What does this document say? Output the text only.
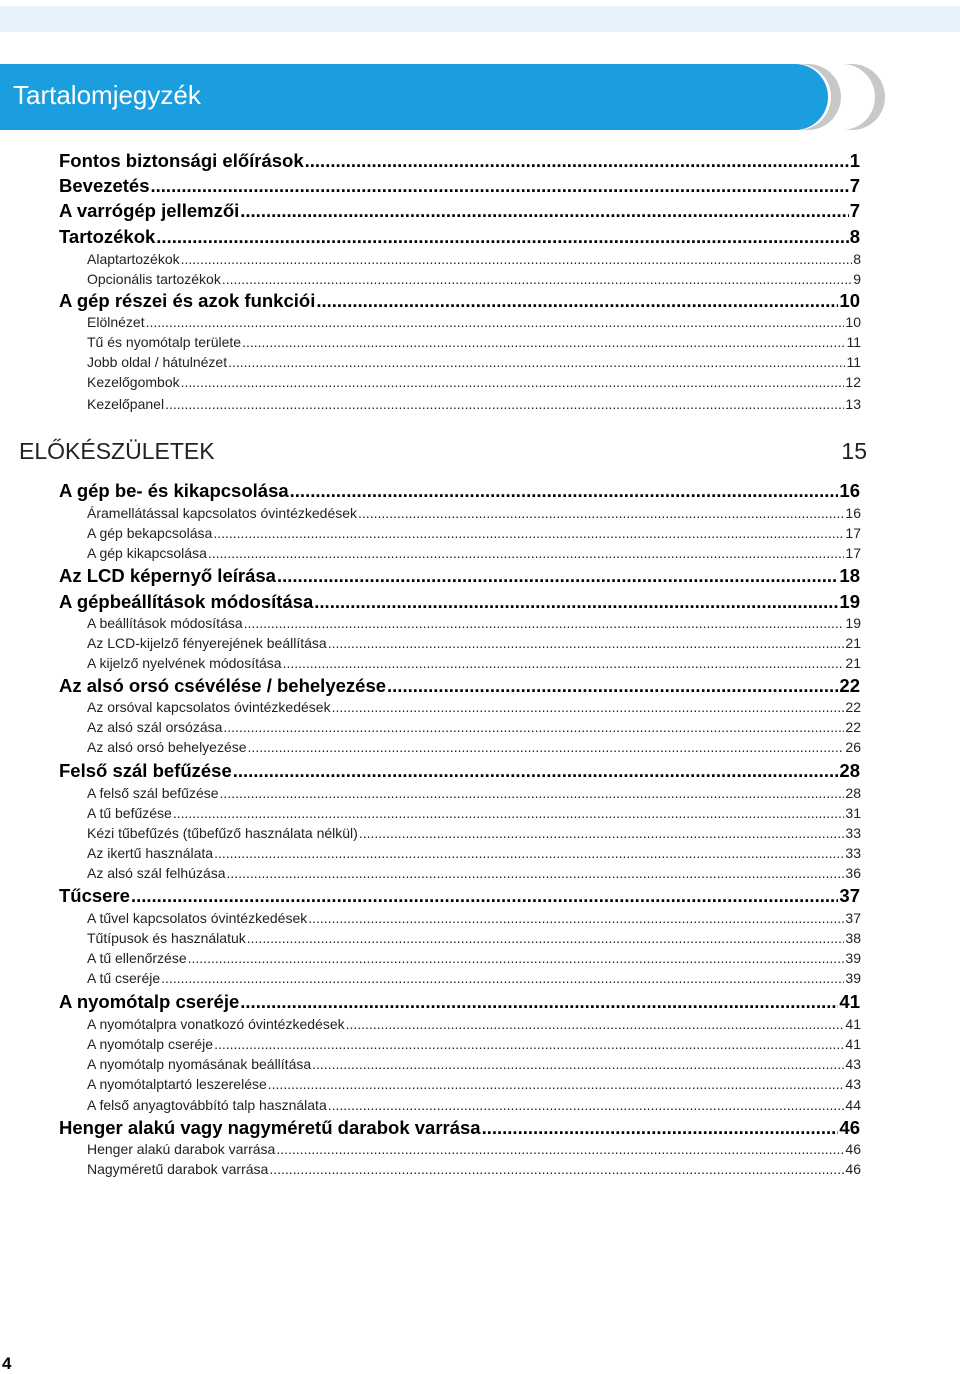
Tartalomjegyzék
Fontos biztonsági előírások .....	1
Bevezetés .....	7
A varrógép jellemzői .....	7
Tartozékok .....	8
Alaptartozékok .....	8
Opcionális tartozékok .....	9
A gép részei és azok funkciói .....	10
Elölnézet .....	10
Tű és nyomótalp területe .....	11
Jobb oldal / hátulnézet .....	11
Kezelőgombok .....	12
Kezelőpanel .....	13
ELŐKÉSZÜLETEK	15
A gép be- és kikapcsolása .....	16
Áramellátással kapcsolatos óvintézkedések .....	16
A gép bekapcsolása .....	17
A gép kikapcsolása .....	17
Az LCD képernyő leírása .....	18
A gépbeállítások módosítása .....	19
A beállítások módosítása .....	19
Az LCD-kijelző fényerejének beállítása .....	21
A kijelző nyelvének módosítása .....	21
Az alsó orsó csévélése / behelyezése .....	22
Az orsóval kapcsolatos óvintézkedések .....	22
Az alsó szál orsózása .....	22
Az alsó orsó behelyezése .....	26
Felső szál befűzése .....	28
A felső szál befűzése .....	28
A tű befűzése .....	31
Kézi tűbefűzés (tűbefűző használata nélkül) .....	33
Az ikertű használata .....	33
Az alsó szál felhúzása .....	36
Tűcsere .....	37
A tűvel kapcsolatos óvintézkedések .....	37
Tűtípusok és használatuk .....	38
A tű ellenőrzése .....	39
A tű cseréje .....	39
A nyomótalp cseréje .....	41
A nyomótalpra vonatkozó óvintézkedések .....	41
A nyomótalp cseréje .....	41
A nyomótalp nyomásának beállítása .....	43
A nyomótalptartó leszerelése .....	43
A felső anyagtovábbító talp használata .....	44
Henger alakú vagy nagyméretű darabok varrása .....	46
Henger alakú darabok varrása .....	46
Nagyméretű darabok varrása .....	46
4
